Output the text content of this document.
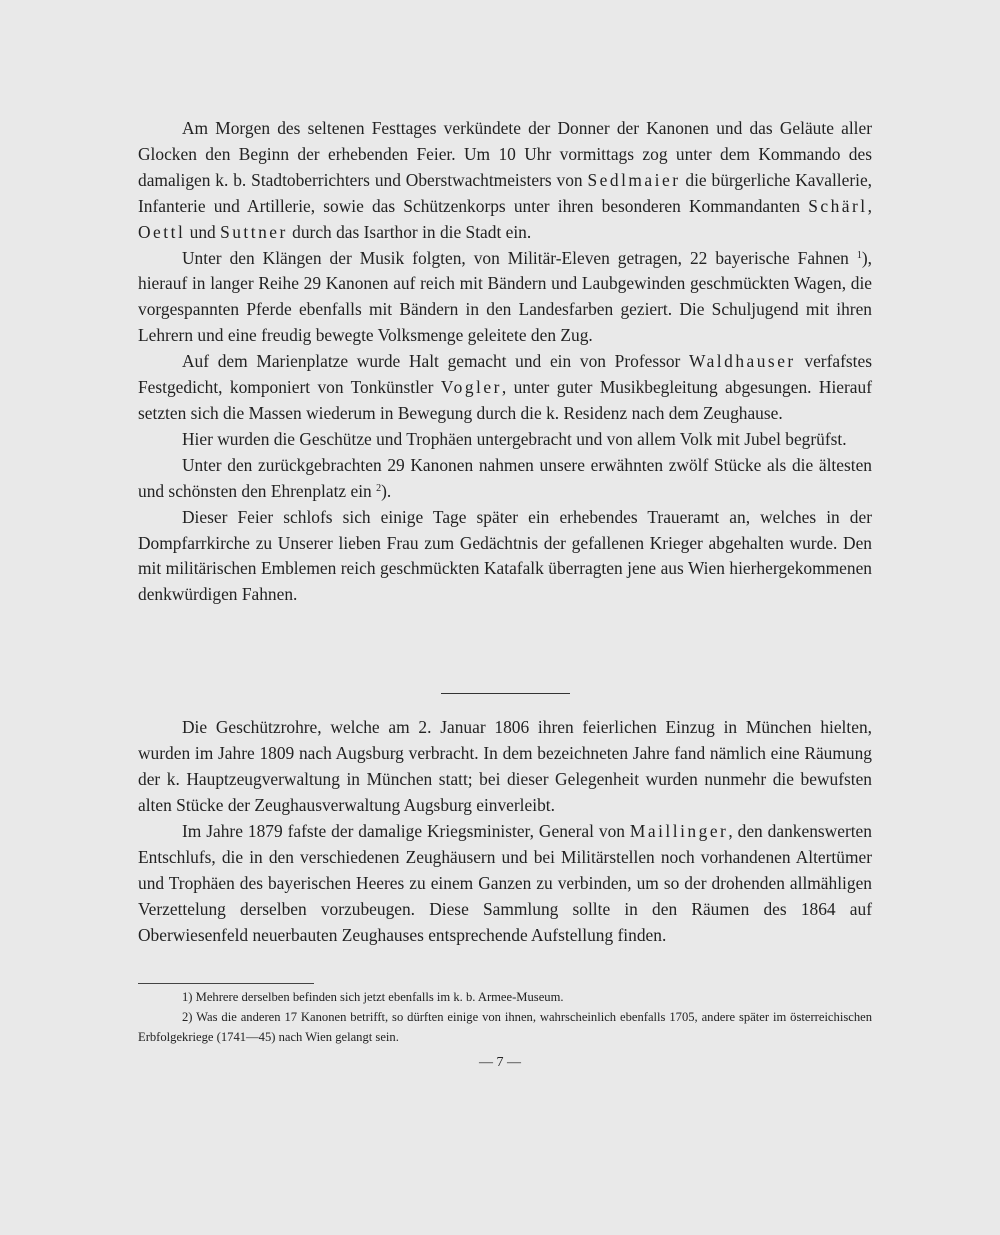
Am Morgen des seltenen Festtages verkündete der Donner der Kanonen und das Geläute aller Glocken den Beginn der erhebenden Feier. Um 10 Uhr vormittags zog unter dem Kommando des damaligen k. b. Stadtoberrichters und Oberstwachtmeisters von Sedlmaier die bürgerliche Kavallerie, Infanterie und Artillerie, sowie das Schützenkorps unter ihren besonderen Kommandanten Schärl, Oettl und Suttner durch das Isarthor in die Stadt ein.

Unter den Klängen der Musik folgten, von Militär-Eleven getragen, 22 bayerische Fahnen $^1$), hierauf in langer Reihe 29 Kanonen auf reich mit Bändern und Laubgewinden geschmückten Wagen, die vorgespannten Pferde ebenfalls mit Bändern in den Landesfarben geziert. Die Schuljugend mit ihren Lehrern und eine freudig bewegte Volksmenge geleitete den Zug.

Auf dem Marienplatze wurde Halt gemacht und ein von Professor Waldhauser verfafstes Festgedicht, komponiert von Tonkünstler Vogler, unter guter Musikbegleitung abgesungen. Hierauf setzten sich die Massen wiederum in Bewegung durch die k. Residenz nach dem Zeughause.

Hier wurden die Geschütze und Trophäen untergebracht und von allem Volk mit Jubel begrüfst.

Unter den zurückgebrachten 29 Kanonen nahmen unsere erwähnten zwölf Stücke als die ältesten und schönsten den Ehrenplatz ein $^2$).

Dieser Feier schlofs sich einige Tage später ein erhebendes Traueramt an, welches in der Dompfarrkirche zu Unserer lieben Frau zum Gedächtnis der gefallenen Krieger abgehalten wurde. Den mit militärischen Emblemen reich geschmückten Katafalk überragten jene aus Wien hierhergekommenen denkwürdigen Fahnen.

Die Geschützrohre, welche am 2. Januar 1806 ihren feierlichen Einzug in München hielten, wurden im Jahre 1809 nach Augsburg verbracht. In dem bezeichneten Jahre fand nämlich eine Räumung der k. Hauptzeugverwaltung in München statt; bei dieser Gelegenheit wurden nunmehr die bewufsten alten Stücke der Zeughausverwaltung Augsburg einverleibt.

Im Jahre 1879 fafste der damalige Kriegsminister, General von Maillinger, den dankenswerten Entschlufs, die in den verschiedenen Zeughäusern und bei Militärstellen noch vorhandenen Altertümer und Trophäen des bayerischen Heeres zu einem Ganzen zu verbinden, um so der drohenden allmähligen Verzettelung derselben vorzubeugen. Diese Sammlung sollte in den Räumen des 1864 auf Oberwiesenfeld neuerbauten Zeughauses entsprechende Aufstellung finden.

1) Mehrere derselben befinden sich jetzt ebenfalls im k. b. Armee-Museum.

2) Was die anderen 17 Kanonen betrifft, so dürften einige von ihnen, wahrscheinlich ebenfalls 1705, andere später im österreichischen Erbfolgekriege (1741—45) nach Wien gelangt sein.

— 7 —
